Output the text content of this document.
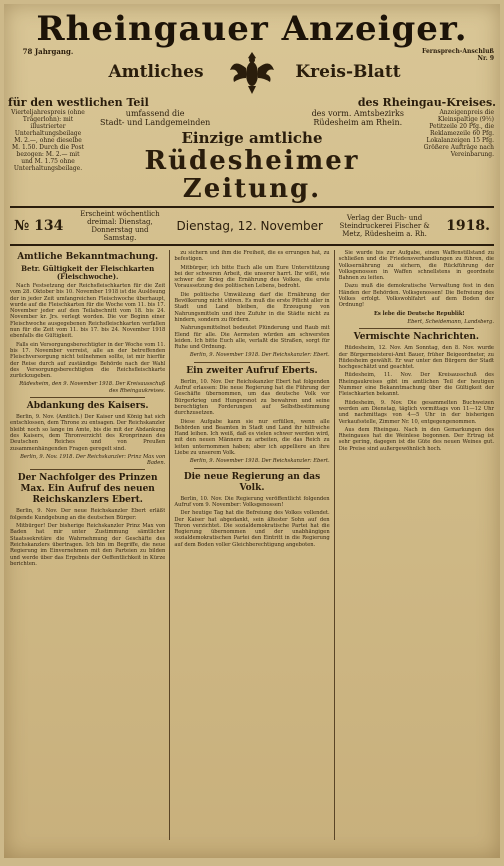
Rheingauer Anzeiger.
78 Jahrgang.
Amtliches	Kreis-Blatt
Fernsprech-Anschluß Nr. 9
für den westlichen Teil	des Rheingau-Kreises.
Vierteljahrespreis (ohne Trägerlohn): mit illustrierter Unterhaltungsbeilage M. 2.—, ohne dieselbe M. 1.50. Durch die Post bezogen: M. 2.— mit und M. 1.75 ohne Unterhaltungsbeilage.
umfassend die
Stadt- und Landgemeinden
des vorm. Amtsbezirks
Rüdesheim am Rhein.
Einzige amtliche
Rüdesheimer Zeitung.
Anzeigenpreis die Kleinspaltige (9½) Petitzeile 20 Pfg., die Reklamezeile 60 Pfg. Lokalanzeigen 15 Pfg. Größere Aufträge nach Vereinbarung.
№ 134
Erscheint wöchentlich dreimal: Dienstag, Donnerstag und Samstag.
Dienstag, 12. November
Verlag der Buch- und Steindruckerei Fischer & Metz, Rüdesheim a. Rh.	1918.
Amtliche Bekanntmachung.
Betr. Gültigkeit der Fleischkarten (Fleischwoche).

Nach Festsetzung der Reichsfleischkarten für die Zeit vom 28. Oktober bis 10. November 1918 ist die Auslösung der in jeder Zeit umfangreichen Fleischwoche überhaupt, wurde auf die Fleischkarten für die Woche vom 11. bis 17. November jeder auf den Teilabschnitt vom 18. bis 24. November kr. Jrs. verlegt worden. Die vor Beginn einer Fleischwoche ausgegebenen Reichsfleischkarten verfallen nun für die Zeit vom 11. bis 17. bis 24. November 1918 ebenfalls die Gültigkeit.

Falls ein Versorgungsberechtigter in der Woche vom 11. bis 17. November verreist, alle an der betreffenden Fleischversorgung nicht teilnehmen sollte, ist mir hierfür der Reise durch auf zuständige Behörde nach der Wahl des Versorgungsberechtigten die Reichsfleischkarte zurückzugeben.

Rüdesheim, den 9. November 1918. Der Kreisausschuß des Rheingaukreises.

Abdankung des Kaisers.

Berlin, 9. Nov. (Amtlich.) Der Kaiser und König hat sich entschlossen, dem Throne zu entsagen. Der Reichskanzler bleibt noch so lange im Amte, bis die mit der Abdankung des Kaisers, dem Thronverzicht des Kronprinzen des Deutschen Reiches und von Preußen zusammenhängenden Fragen geregelt sind.

Berlin, 9. Nov. 1918. Der Reichskanzler: Prinz Max von Baden.

Der Nachfolger des Prinzen Max. Ein Aufruf des neuen Reichskanzlers Ebert.

Berlin, 9. Nov. Der neue Reichskanzler Ebert erläßt folgende Kundgebung an die deutschen Bürger:

Mitbürger! Der bisherige Reichskanzler Prinz Max von Baden hat mir unter Zustimmung sämtlicher Staatssekretäre die Wahrnehmung der Geschäfte des Reichskanzlers übertragen. Ich bin im Begriffe, die neue Regierung im Einvernehmen mit den Parteien zu bilden und werde über das Ergebnis der Oeffentlichkeit in Kürze berichten.

zu sichern und ihm die Freiheit, die es errungen hat, zu befestigen.

Mitbürger, ich bitte Euch alle um Eure Unterstützung bei der schweren Arbeit, die unserer harrt. Ihr wißt, wie schwer der Krieg die Ernährung des Volkes, die erste Voraussetzung des politischen Lebens, bedroht.

Die politische Umwälzung darf die Ernährung der Bevölkerung nicht stören. Es muß die erste Pflicht aller in Stadt und Land bleiben, die Erzeugung von Nahrungsmitteln und ihre Zufuhr in die Städte nicht zu hindern, sondern zu fördern.

Nahrungsmittelnot bedeutet Plünderung und Raub mit Elend für alle. Die Aermsten würden am schwersten leiden. Ich bitte Euch alle, verlaßt die Straßen, sorgt für Ruhe und Ordnung.

Berlin, 9. November 1918. Der Reichskanzler: Ebert.

Ein zweiter Aufruf Eberts.

Berlin, 10. Nov. Der Reichskanzler Ebert hat folgenden Aufruf erlassen: Die neue Regierung hat die Führung der Geschäfte übernommen, um das deutsche Volk vor Bürgerkrieg und Hungersnot zu bewahren und seine berechtigten Forderungen auf Selbstbestimmung durchzusetzen.

Diese Aufgabe kann sie nur erfüllen, wenn alle Behörden und Beamten in Stadt und Land ihr hilfreiche Hand leihen. Ich weiß, daß es vielen schwer werden wird, mit den neuen Männern zu arbeiten, die das Reich zu leiten unternommen haben; aber ich appelliere an ihre Liebe zu unserem Volk.

Berlin, 9. November 1918. Der Reichskanzler: Ebert.

Die neue Regierung an das Volk.

Berlin, 10. Nov. Die Regierung veröffentlicht folgenden Aufruf vom 9. November: Volksgenossen!

Der heutige Tag hat die Befreiung des Volkes vollendet. Der Kaiser hat abgedankt, sein ältester Sohn auf den Thron verzichtet. Die sozialdemokratische Partei hat die Regierung übernommen und der unabhängigen sozialdemokratischen Partei den Eintritt in die Regierung auf dem Boden voller Gleichberechtigung angeboten.

Sie wurde bis zur Aufgabe, einen Waffenstillstand zu schließen und die Friedensverhandlungen zu führen, die Volksernährung zu sichern, die Rückführung der Volksgenossen in Waffen schnellstens in geordnete Bahnen zu leiten.

Dazu muß die demokratische Verwaltung fest in den Händen der Behörden. Volksgenossen! Die Befreiung des Volkes erfolgt. Volkswohlfahrt auf dem Boden der Ordnung!

Es lebe die Deutsche Republik!

Ebert, Scheidemann, Landsberg.

Vermischte Nachrichten.

Rüdesheim, 12. Nov. Am Sonntag, den 8. Nov. wurde der Bürgermeisterei-Amt Bauer, früher Beigeordneter, zu Rüdesheim gewählt. Er war unter den Bürgern der Stadt hochgeschätzt und geachtet.

Rüdesheim, 11. Nov. Der Kreisausschuß des Rheingaukreises gibt im amtlichen Teil der heutigen Nummer eine Bekanntmachung über die Gültigkeit der Fleischkarten bekannt.

Rüdesheim, 9. Nov. Die gesammelten Buchweizen werden am Dienstag, täglich vormittags von 11—12 Uhr und nachmittags von 4—5 Uhr in der bisherigen Verkaufsstelle, Zimmer Nr. 10, entgegengenommen.

Aus dem Rheingau. Nach in den Gemarkungen des Rheingaues hat die Weinlese begonnen. Der Ertrag ist sehr gering, dagegen ist die Güte des neuen Weines gut. Die Preise sind außergewöhnlich hoch.
